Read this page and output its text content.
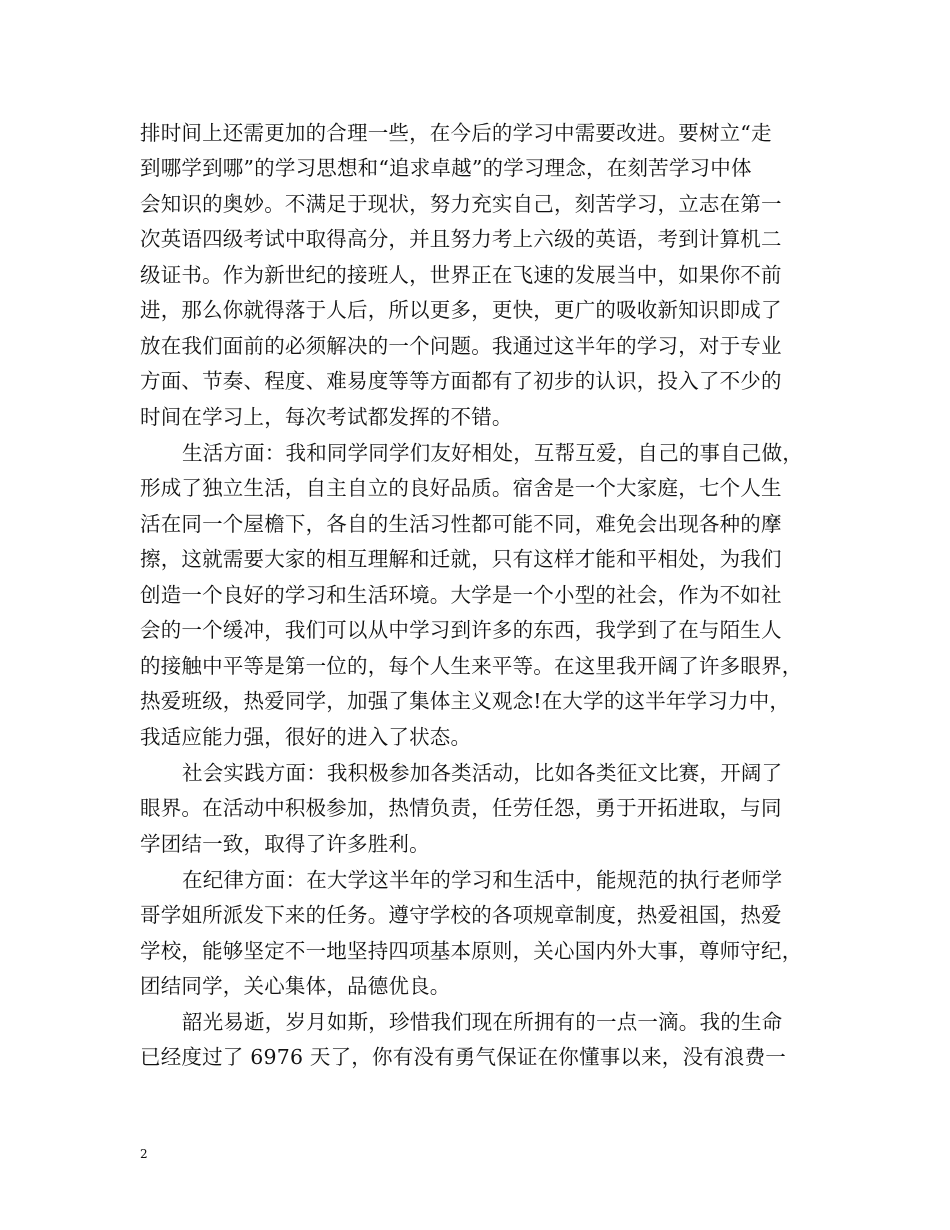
排时间上还需更加的合理一些，在今后的学习中需要改进。要树立“走
到哪学到哪”的学习思想和“追求卓越”的学习理念，在刻苦学习中体
会知识的奥妙。不满足于现状，努力充实自己，刻苦学习，立志在第一
次英语四级考试中取得高分，并且努力考上六级的英语，考到计算机二
级证书。作为新世纪的接班人，世界正在飞速的发展当中，如果你不前
进，那么你就得落于人后，所以更多，更快，更广的吸收新知识即成了
放在我们面前的必须解决的一个问题。我通过这半年的学习，对于专业
方面、节奏、程度、难易度等等方面都有了初步的认识，投入了不少的
时间在学习上，每次考试都发挥的不错。
生活方面：我和同学同学们友好相处，互帮互爱，自己的事自己做，
形成了独立生活，自主自立的良好品质。宿舍是一个大家庭，七个人生
活在同一个屋檐下，各自的生活习性都可能不同，难免会出现各种的摩
擦，这就需要大家的相互理解和迁就，只有这样才能和平相处，为我们
创造一个良好的学习和生活环境。大学是一个小型的社会，作为不如社
会的一个缓冲，我们可以从中学习到许多的东西，我学到了在与陌生人
的接触中平等是第一位的，每个人生来平等。在这里我开阔了许多眼界，
热爱班级，热爱同学，加强了集体主义观念!在大学的这半年学习力中，
我适应能力强，很好的进入了状态。
社会实践方面：我积极参加各类活动，比如各类征文比赛，开阔了
眼界。在活动中积极参加，热情负责，任劳任怨，勇于开拓进取，与同
学团结一致，取得了许多胜利。
在纪律方面：在大学这半年的学习和生活中，能规范的执行老师学
哥学姐所派发下来的任务。遵守学校的各项规章制度，热爱祖国，热爱
学校，能够坚定不一地坚持四项基本原则，关心国内外大事，尊师守纪，
团结同学，关心集体，品德优良。
韶光易逝，岁月如斯，珍惜我们现在所拥有的一点一滴。我的生命
已经度过了 6976 天了，你有没有勇气保证在你懂事以来，没有浪费一
2
